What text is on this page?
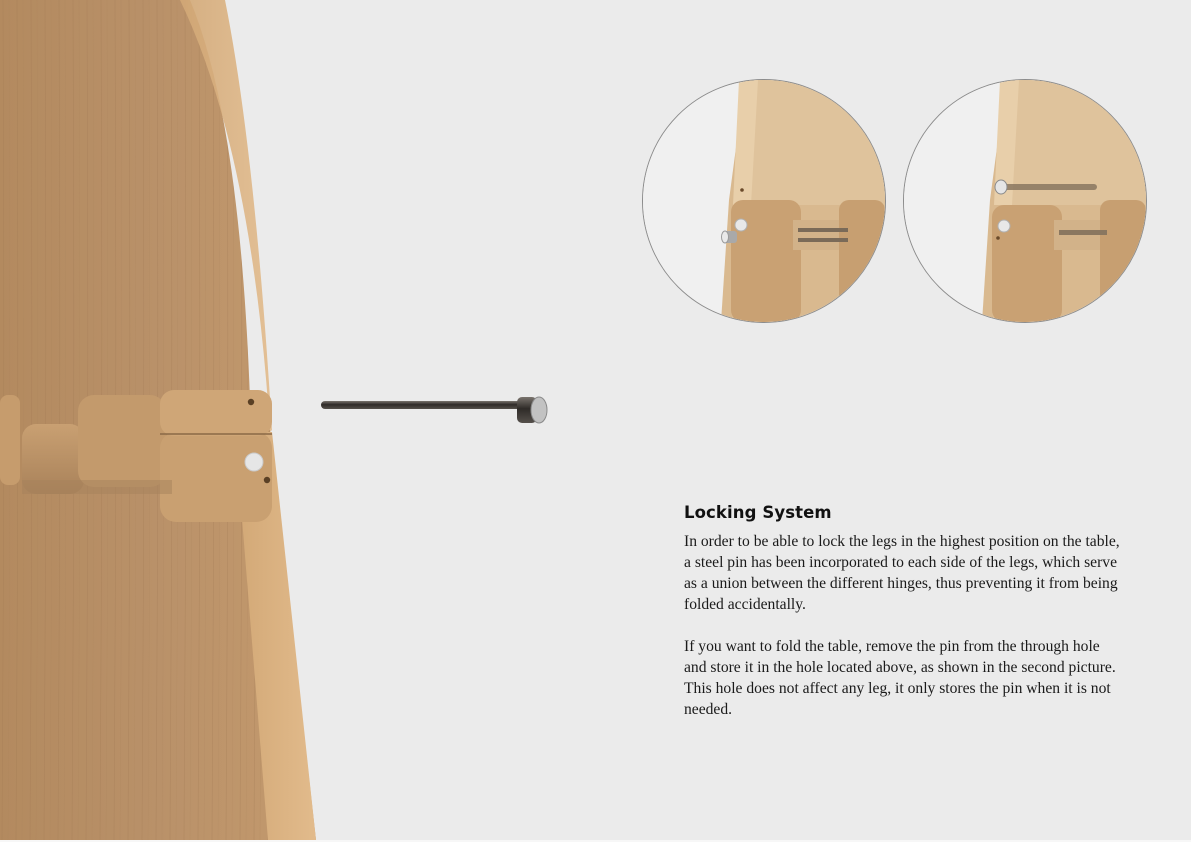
Locking System

In order to be able to lock the legs in the highest position on the table, a steel pin has been incorporated to each side of the legs, which serve as a union between the different hinges, thus preventing it from being folded accidentally.

If you want to fold the table, remove the pin from the through hole and store it in the hole located above, as shown in the second picture. This hole does not affect any leg, it only stores the pin when it is not needed.
